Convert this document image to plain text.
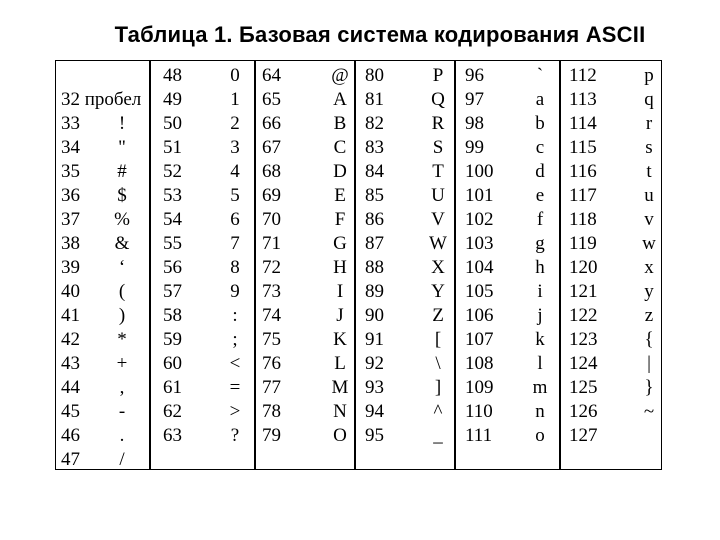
Таблица 1. Базовая система кодирования ASCII
32 пробел
33	!
34	"
35	#
36	$
37	%
38	&
39	‘
40	(
41	)
42	*
43	+
44	,
45	-
46	.
47	/
48	0
49	1
50	2
51	3
52	4
53	5
54	6
55	7
56	8
57	9
58	:
59	;
60	<
61	=
62	>
63	?
64	@
65	A
66	B
67	C
68	D
69	E
70	F
71	G
72	H
73	I
74	J
75	K
76	L
77	M
78	N
79	O
80	P
81 Q
82	R
83	S
84	T
85 U
86 V
87 W
88 X
89 Y
90	Z
91	[
92	\
93	]
94	^
95	_
96	`
97	a
98	b
99	c
100 d
101	e
102	f
103 g
104 h
105	i
106	j
107 k
108	l
109 m
110 n
111 o
112 p
113 q
114	r
115	s
116	t
117 u
118 v
119 w
120 x
121 y
122 z
123 {
124	|
125 }
126 ~
127
